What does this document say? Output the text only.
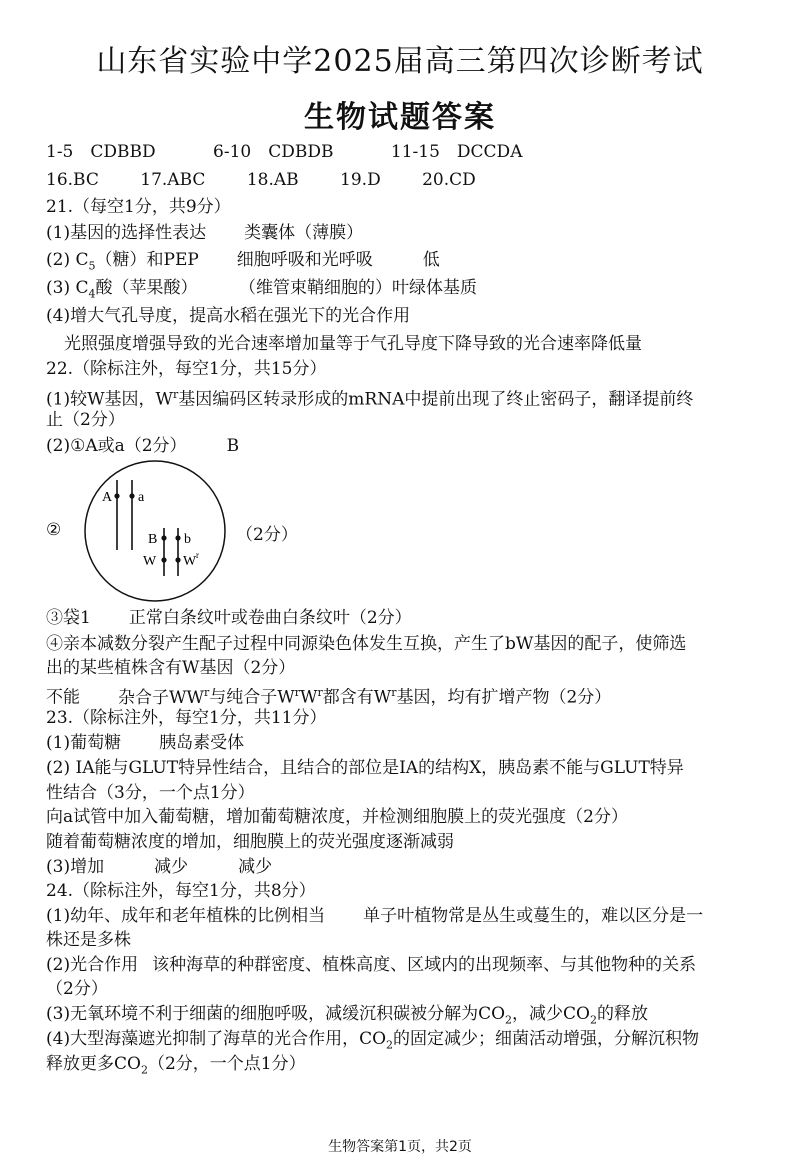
山东省实验中学2025届高三第四次诊断考试
生物试题答案
1-5　CDBBD	6-10　CDBDB	11-15　DCCDA
16.BC 17.ABC 18.AB 19.D 20.CD
21.（每空1分，共9分）
(1)基因的选择性表达 类囊体（薄膜）
(2) $C_5$（糖）和PEP 细胞呼吸和光呼吸	低
(3) $C_4$酸（苹果酸）	（维管束鞘细胞的）叶绿体基质
(4)增大气孔导度，提高水稻在强光下的光合作用
光照强度增强导致的光合速率增加量等于气孔导度下降导致的光合速率降低量
22.（除标注外，每空1分，共15分）
(1)较W基因，$W^r$基因编码区转录形成的mRNA中提前出现了终止密码子，翻译提前终
止（2分）
(2)①A或a（2分） B
②
A a
B b
W W r
（2分）
③袋1 正常白条纹叶或卷曲白条纹叶（2分）
④亲本减数分裂产生配子过程中同源染色体发生互换，产生了bW基因的配子，使筛选
出的某些植株含有W基因（2分）
不能 杂合子$WW^r$与纯合子$W^rW^r$都含有$W^r$基因，均有扩增产物（2分）
23.（除标注外，每空1分，共11分）
(1)葡萄糖 胰岛素受体
(2) IA能与GLUT特异性结合，且结合的部位是IA的结构X，胰岛素不能与GLUT特异
性结合（3分，一个点1分）
向a试管中加入葡萄糖，增加葡萄糖浓度，并检测细胞膜上的荧光强度（2分）
随着葡萄糖浓度的增加，细胞膜上的荧光强度逐渐减弱
(3)增加	减少	减少
24.（除标注外，每空1分，共8分）
(1)幼年、成年和老年植株的比例相当 单子叶植物常是丛生或蔓生的，难以区分是一
株还是多株
(2)光合作用 该种海草的种群密度、植株高度、区域内的出现频率、与其他物种的关系
（2分）
(3)无氧环境不利于细菌的细胞呼吸，减缓沉积碳被分解为$CO_2$，减少$CO_2$的释放
(4)大型海藻遮光抑制了海草的光合作用，$CO_2$的固定减少；细菌活动增强，分解沉积物
释放更多$CO_2(2$分，一个点1分）
生物答案第1页，共2页
